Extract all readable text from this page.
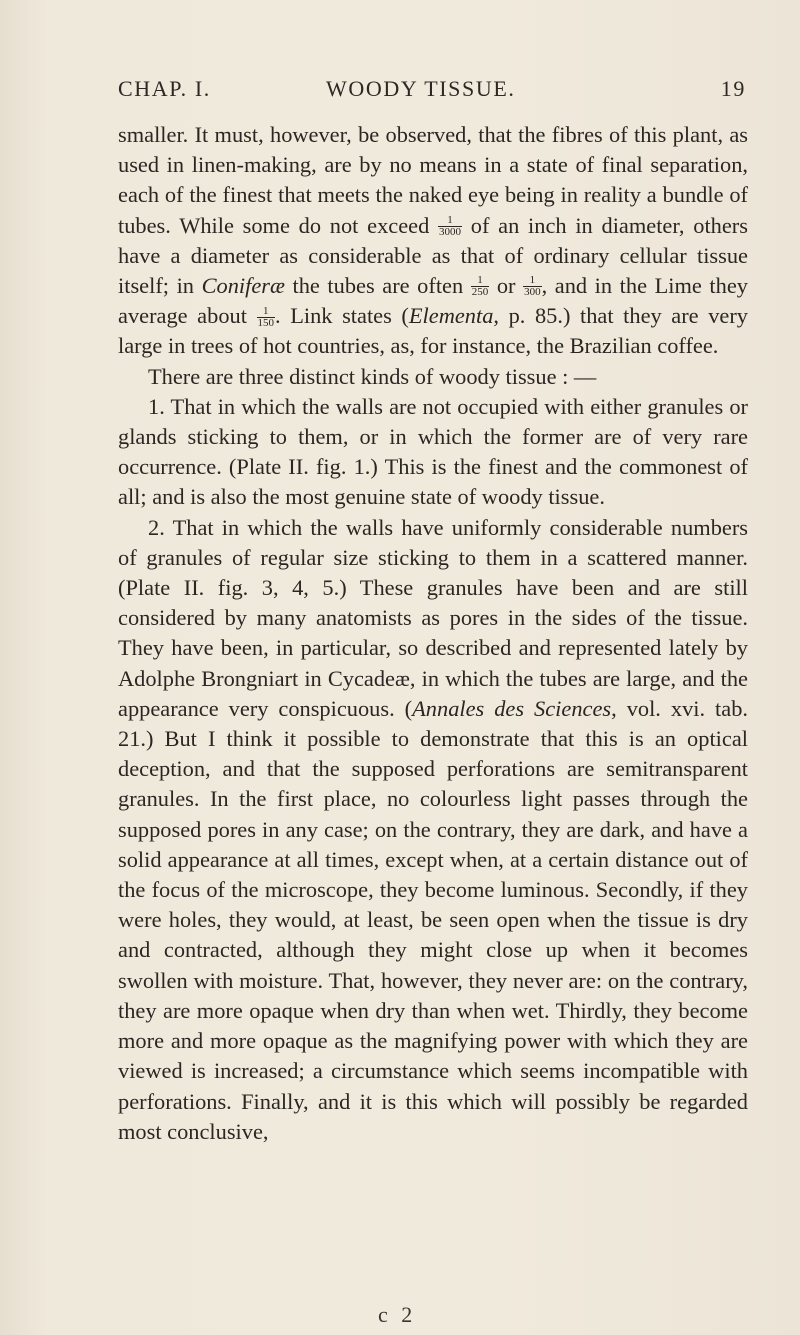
CHAP. I.	WOODY TISSUE.	19

smaller. It must, however, be observed, that the fibres of this plant, as used in linen-making, are by no means in a state of final separation, each of the finest that meets the naked eye being in reality a bundle of tubes. While some do not exceed $\frac{1}{3000}$ of an inch in diameter, others have a diameter as considerable as that of ordinary cellular tissue itself; in Coniferæ the tubes are often $\frac{1}{250}$ or $\frac{1}{300}$ , and in the Lime they average about $\frac{1}{150}$ . Link states (Elementa, p. 85.) that they are very large in trees of hot countries, as, for instance, the Brazilian coffee.

There are three distinct kinds of woody tissue : —

1. That in which the walls are not occupied with either granules or glands sticking to them, or in which the former are of very rare occurrence. (Plate II. fig. 1.) This is the finest and the commonest of all; and is also the most genuine state of woody tissue.

2. That in which the walls have uniformly considerable numbers of granules of regular size sticking to them in a scattered manner. (Plate II. fig. 3, 4, 5.) These granules have been and are still considered by many anatomists as pores in the sides of the tissue. They have been, in particular, so described and represented lately by Adolphe Brongniart in Cycadeæ, in which the tubes are large, and the appearance very conspicuous. (Annales des Sciences, vol. xvi. tab. 21.) But I think it possible to demonstrate that this is an optical deception, and that the supposed perforations are semitransparent granules. In the first place, no colourless light passes through the supposed pores in any case; on the contrary, they are dark, and have a solid appearance at all times, except when, at a certain distance out of the focus of the microscope, they become luminous. Secondly, if they were holes, they would, at least, be seen open when the tissue is dry and contracted, although they might close up when it becomes swollen with moisture. That, however, they never are: on the contrary, they are more opaque when dry than when wet. Thirdly, they become more and more opaque as the magnifying power with which they are viewed is increased; a circumstance which seems incompatible with perforations. Finally, and it is this which will possibly be regarded most conclusive,

c 2
